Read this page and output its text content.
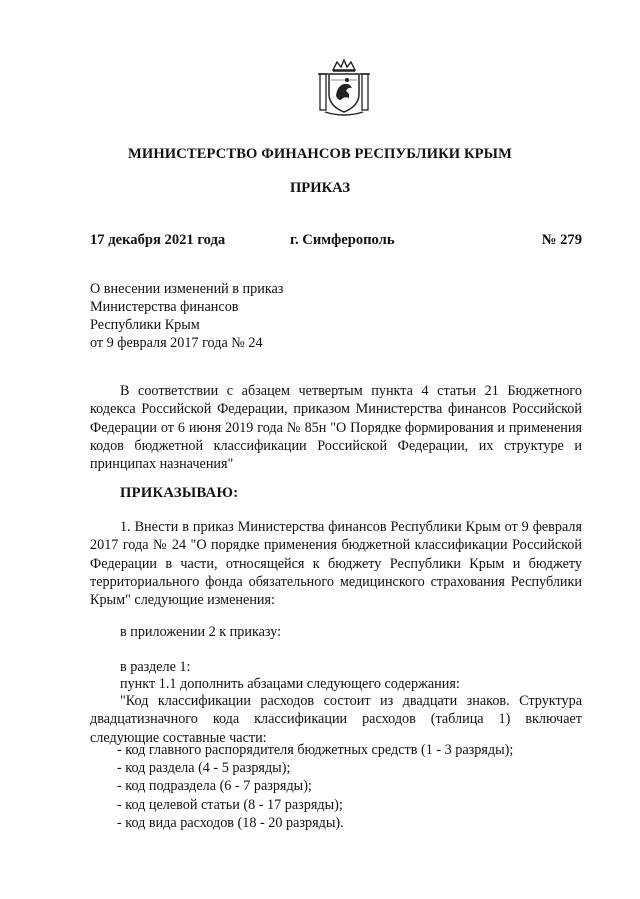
МИНИСТЕРСТВО ФИНАНСОВ РЕСПУБЛИКИ КРЫМ
ПРИКАЗ
17 декабря 2021 года	г. Симферополь	№ 279
О внесении изменений в приказ
Министерства финансов
Республики Крым
от 9 февраля 2017 года № 24
В соответствии с абзацем четвертым пункта 4 статьи 21 Бюджетного кодекса Российской Федерации, приказом Министерства финансов Российской Федерации от 6 июня 2019 года № 85н "О Порядке формирования и применения кодов бюджетной классификации Российской Федерации, их структуре и принципах назначения"
ПРИКАЗЫВАЮ:
1. Внести в приказ Министерства финансов Республики Крым от 9 февраля 2017 года № 24 "О порядке применения бюджетной классификации Российской Федерации в части, относящейся к бюджету Республики Крым и бюджету территориального фонда обязательного медицинского страхования Республики Крым" следующие изменения:
в приложении 2 к приказу:
в разделе 1:
пункт 1.1 дополнить абзацами следующего содержания:
"Код классификации расходов состоит из двадцати знаков. Структура двадцатизначного кода классификации расходов (таблица 1) включает следующие составные части:
- код главного распорядителя бюджетных средств (1 - 3 разряды);
- код раздела (4 - 5 разряды);
- код подраздела (6 - 7 разряды);
- код целевой статьи (8 - 17 разряды);
- код вида расходов (18 - 20 разряды).
